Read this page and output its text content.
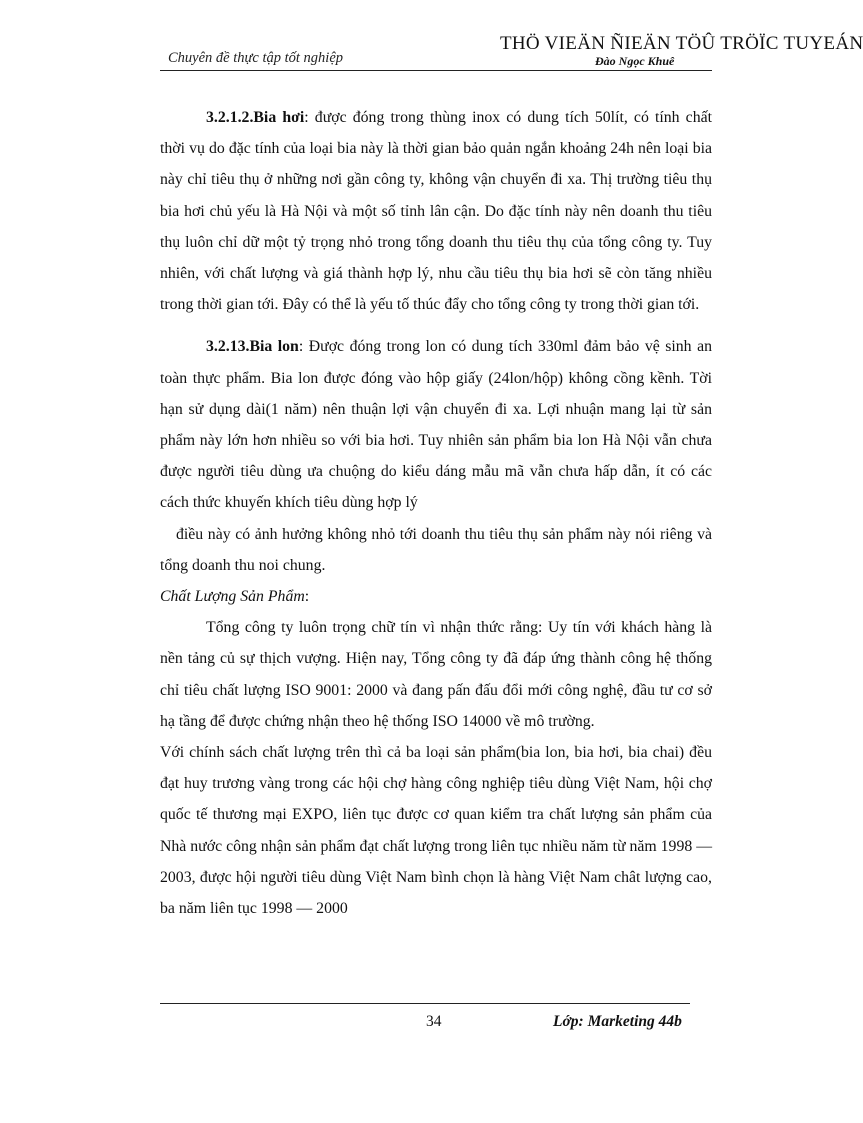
Chuyên đề thực tập tốt nghiệp
THÖ VIEÄN ÑIEÄN TÖÛ TRÖÏC TUYEÁN
Ðào Ngọc Khuê

3.2.1.2.Bia hơi: được đóng trong thùng inox có dung tích 50lít, có tính chất thời vụ do đặc tính của loại bia này là thời gian bảo quản ngắn khoảng 24h nên loại bia này chỉ tiêu thụ ở những nơi gần công ty, không vận chuyển đi xa. Thị trường tiêu thụ bia hơi chủ yếu là Hà Nội và một số tỉnh lân cận. Do đặc tính này nên doanh thu tiêu thụ luôn chỉ dữ một tỷ trọng nhỏ trong tổng doanh thu tiêu thụ của tổng công ty. Tuy nhiên, với chất lượng và giá thành hợp lý, nhu cầu tiêu thụ bia hơi sẽ còn tăng nhiều trong thời gian tới. Đây có thể là yếu tố thúc đẩy cho tổng công ty trong thời gian tới.

3.2.13.Bia lon: Được đóng trong lon có dung tích 330ml đảm bảo vệ sinh an toàn thực phẩm. Bia lon được đóng vào hộp giấy (24lon/hộp) không cồng kềnh. Tời hạn sử dụng dài(1 năm) nên thuận lợi vận chuyển đi xa. Lợi nhuận mang lại từ sản phẩm này lớn hơn nhiều so với bia hơi. Tuy nhiên sản phẩm bia lon Hà Nội vẫn chưa được người tiêu dùng ưa chuộng do kiểu dáng mẫu mã vẫn chưa hấp dẫn, ít có các cách thức khuyến khích tiêu dùng hợp lý

điều này có ảnh hưởng không nhỏ tới doanh thu tiêu thụ sản phẩm này nói riêng và tổng doanh thu noi chung.

Chất Lượng Sản Phẩm:

Tổng công ty luôn trọng chữ tín vì nhận thức rằng: Uy tín với khách hàng là nền tảng củ sự thịch vượng. Hiện nay, Tổng công ty đã đáp ứng thành công hệ thống chỉ tiêu chất lượng ISO 9001: 2000 và đang pấn đấu đổi mới công nghệ, đầu tư cơ sở hạ tầng để được chứng nhận theo hệ thống ISO 14000 về mô trường.

Với chính sách chất lượng trên thì cả ba loại sản phẩm(bia lon, bia hơi, bia chai) đều đạt huy trương vàng trong các hội chợ hàng công nghiệp tiêu dùng Việt Nam, hội chợ quốc tế thương mại EXPO, liên tục được cơ quan kiểm tra chất lượng sản phẩm của Nhà nước công nhận sản phẩm đạt chất lượng trong liên tục nhiều năm từ năm 1998 — 2003, được hội người tiêu dùng Việt Nam bình chọn là hàng Việt Nam chât lượng cao, ba năm liên tục 1998 — 2000

34	Lớp: Marketing 44b
